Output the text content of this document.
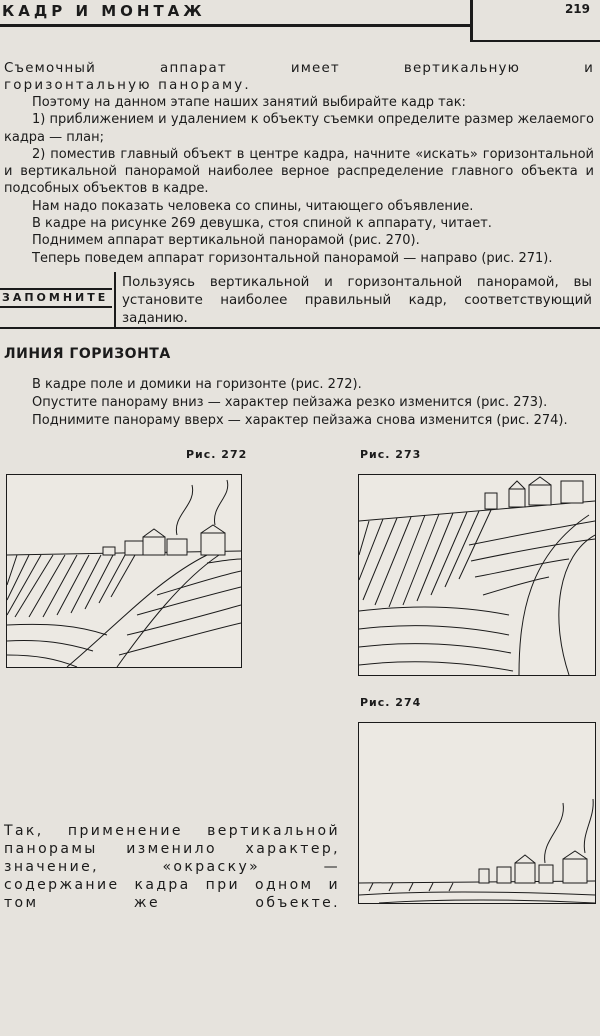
КАДР И МОНТАЖ	219

Съемочный аппарат имеет вертикальную и

горизонтальную панораму.

Поэтому на данном этапе наших занятий выбирайте кадр так:

1) приближением и удалением к объекту съемки определите размер желаемого кадра — план;

2) поместив главный объект в центре кадра, начните «искать» горизонтальной и вертикальной панорамой наиболее верное распределение главного объекта и подсобных объектов в кадре.

Нам надо показать человека со спины, читающего объявление.

В кадре на рисунке 269 девушка, стоя спиной к аппарату, читает.

Поднимем аппарат вертикальной панорамой (рис. 270).

Теперь поведем аппарат горизонтальной панорамой — направо (рис. 271).

ЗАПОМНИТЕ
Пользуясь вертикальной и горизонтальной панорамой, вы установите наиболее правильный кадр, соответствующий заданию.
ЛИНИЯ ГОРИЗОНТА

В кадре поле и домики на горизонте (рис. 272).

Опустите панораму вниз — характер пейзажа резко изменится (рис. 273).

Поднимите панораму вверх — характер пейзажа снова изменится (рис. 274).

Рис. 272	Рис. 273
Рис. 274
Так, применение вертикальной панорамы изменило характер, значение, «окраску» — содержание кадра при одном и том же объекте.
